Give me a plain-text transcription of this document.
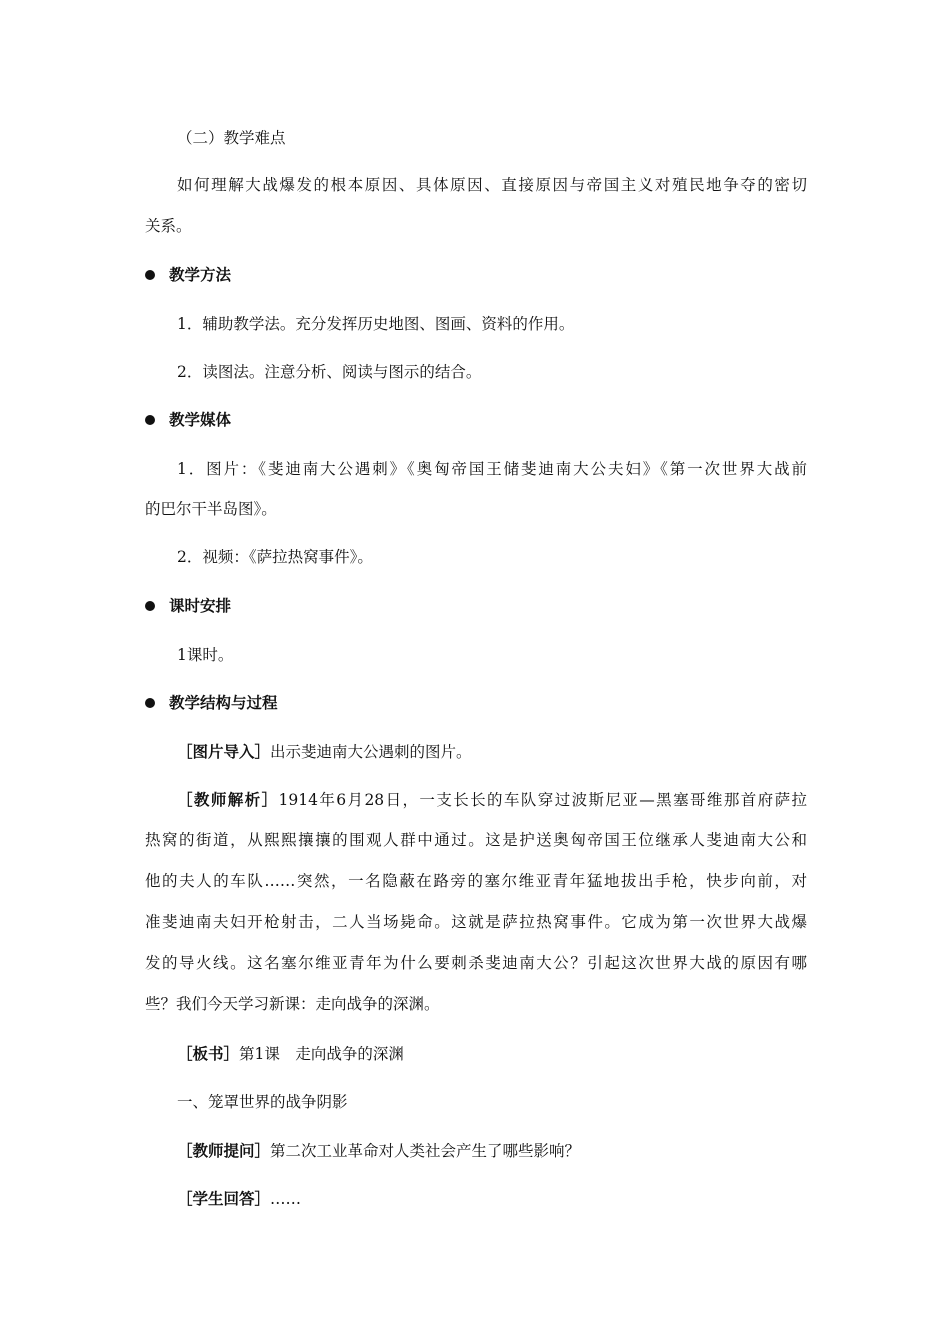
（二）教学难点
如何理解大战爆发的根本原因、具体原因、直接原因与帝国主义对殖民地争夺的密切
关系。
教学方法
1．辅助教学法。充分发挥历史地图、图画、资料的作用。
2．读图法。注意分析、阅读与图示的结合。
教学媒体
1．图片：《斐迪南大公遇刺》《奥匈帝国王储斐迪南大公夫妇》《第一次世界大战前
的巴尔干半岛图》。
2．视频：《萨拉热窝事件》。
课时安排
1课时。
教学结构与过程
［图片导入］出示斐迪南大公遇刺的图片。
［教师解析］1914年6月28日，一支长长的车队穿过波斯尼亚—黑塞哥维那首府萨拉
热窝的街道，从熙熙攘攘的围观人群中通过。这是护送奥匈帝国王位继承人斐迪南大公和
他的夫人的车队……突然，一名隐蔽在路旁的塞尔维亚青年猛地拔出手枪，快步向前，对
准斐迪南夫妇开枪射击，二人当场毙命。这就是萨拉热窝事件。它成为第一次世界大战爆
发的导火线。这名塞尔维亚青年为什么要刺杀斐迪南大公？引起这次世界大战的原因有哪
些？我们今天学习新课：走向战争的深渊。
［板书］第1课　走向战争的深渊
一、笼罩世界的战争阴影
［教师提问］第二次工业革命对人类社会产生了哪些影响？
［学生回答］……
